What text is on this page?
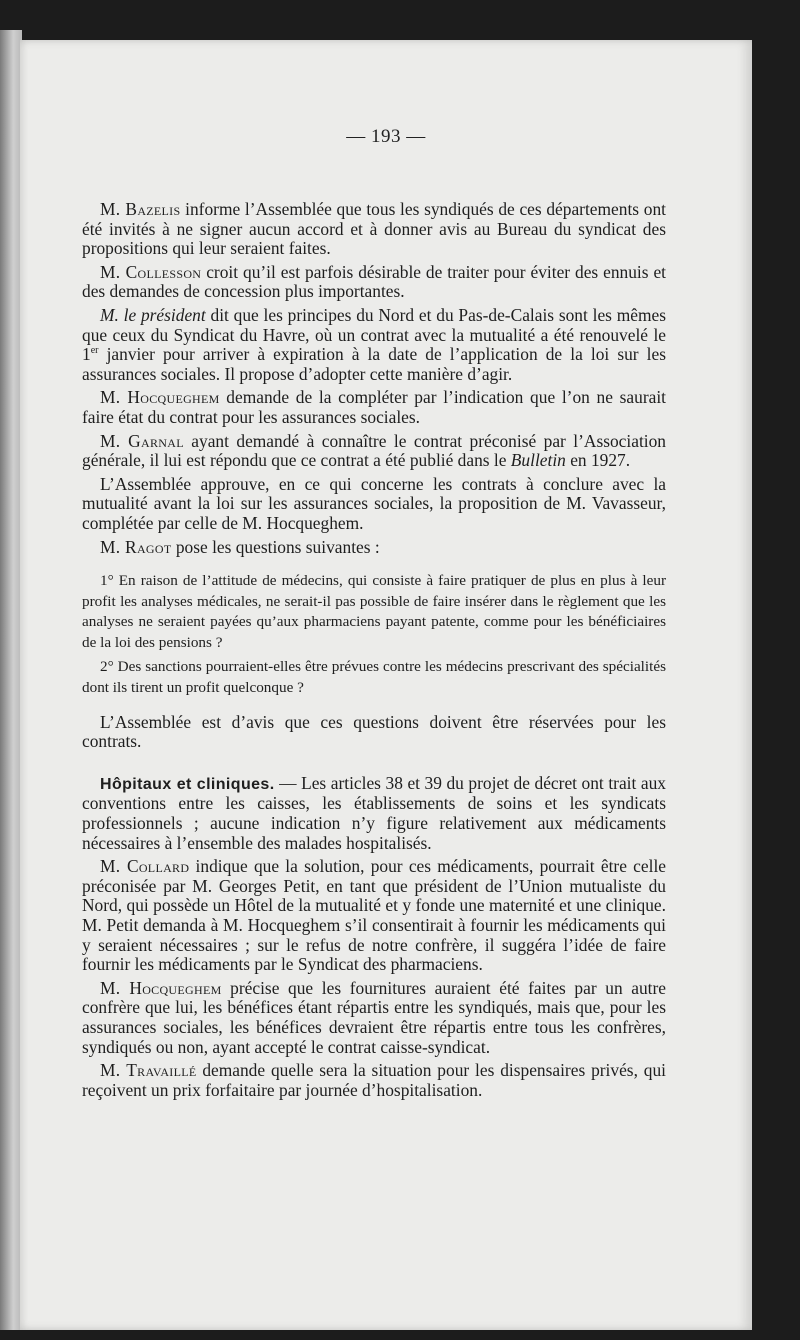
— 193 —

M. Bazelis informe l’Assemblée que tous les syndiqués de ces départements ont été invités à ne signer aucun accord et à donner avis au Bureau du syndicat des propositions qui leur seraient faites.

M. Collesson croit qu’il est parfois désirable de traiter pour éviter des ennuis et des demandes de concession plus importantes.

M. le président dit que les principes du Nord et du Pas-de-Calais sont les mêmes que ceux du Syndicat du Havre, où un contrat avec la mutualité a été renouvelé le 1er janvier pour arriver à expiration à la date de l’application de la loi sur les assurances sociales. Il propose d’adopter cette manière d’agir.

M. Hocqueghem demande de la compléter par l’indication que l’on ne saurait faire état du contrat pour les assurances sociales.

M. Garnal ayant demandé à connaître le contrat préconisé par l’Association générale, il lui est répondu que ce contrat a été publié dans le Bulletin en 1927.

L’Assemblée approuve, en ce qui concerne les contrats à conclure avec la mutualité avant la loi sur les assurances sociales, la proposition de M. Vavasseur, complétée par celle de M. Hocqueghem.

M. Ragot pose les questions suivantes :

1° En raison de l’attitude de médecins, qui consiste à faire pratiquer de plus en plus à leur profit les analyses médicales, ne serait-il pas possible de faire insérer dans le règlement que les analyses ne seraient payées qu’aux pharmaciens payant patente, comme pour les bénéficiaires de la loi des pensions ?

2° Des sanctions pourraient-elles être prévues contre les médecins prescrivant des spécialités dont ils tirent un profit quelconque ?

L’Assemblée est d’avis que ces questions doivent être réservées pour les contrats.

Hôpitaux et cliniques. — Les articles 38 et 39 du projet de décret ont trait aux conventions entre les caisses, les établissements de soins et les syndicats professionnels ; aucune indication n’y figure relativement aux médicaments nécessaires à l’ensemble des malades hospitalisés.

M. Collard indique que la solution, pour ces médicaments, pourrait être celle préconisée par M. Georges Petit, en tant que président de l’Union mutualiste du Nord, qui possède un Hôtel de la mutualité et y fonde une maternité et une clinique. M. Petit demanda à M. Hocqueghem s’il consentirait à fournir les médicaments qui y seraient nécessaires ; sur le refus de notre confrère, il suggéra l’idée de faire fournir les médicaments par le Syndicat des pharmaciens.

M. Hocqueghem précise que les fournitures auraient été faites par un autre confrère que lui, les bénéfices étant répartis entre les syndiqués, mais que, pour les assurances sociales, les bénéfices devraient être répartis entre tous les confrères, syndiqués ou non, ayant accepté le contrat caisse-syndicat.

M. Travaillé demande quelle sera la situation pour les dispensaires privés, qui reçoivent un prix forfaitaire par journée d’hospitalisation.
